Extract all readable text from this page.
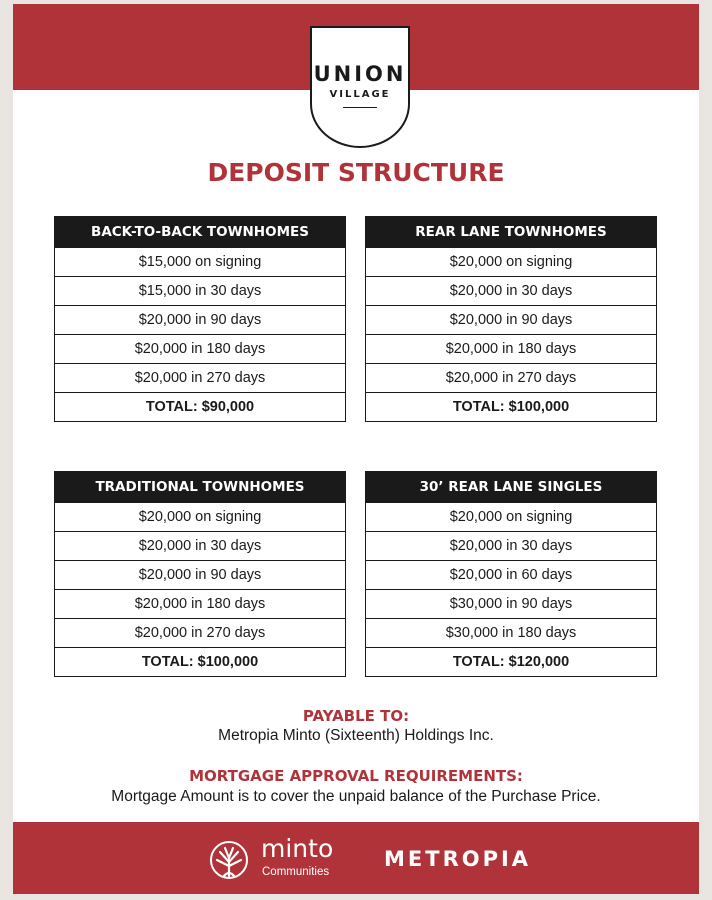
UNION
VILLAGE
DEPOSIT STRUCTURE
BACK-TO-BACK TOWNHOMES
$15,000 on signing
$15,000 in 30 days
$20,000 in 90 days
$20,000 in 180 days
$20,000 in 270 days
TOTAL: $90,000
REAR LANE TOWNHOMES
$20,000 on signing
$20,000 in 30 days
$20,000 in 90 days
$20,000 in 180 days
$20,000 in 270 days
TOTAL: $100,000
TRADITIONAL TOWNHOMES
$20,000 on signing
$20,000 in 30 days
$20,000 in 90 days
$20,000 in 180 days
$20,000 in 270 days
TOTAL: $100,000
30’ REAR LANE SINGLES
$20,000 on signing
$20,000 in 30 days
$20,000 in 60 days
$30,000 in 90 days
$30,000 in 180 days
TOTAL: $120,000
PAYABLE TO:
Metropia Minto (Sixteenth) Holdings Inc.
MORTGAGE APPROVAL REQUIREMENTS:
Mortgage Amount is to cover the unpaid balance of the Purchase Price.
minto
Communities
METROPIA
